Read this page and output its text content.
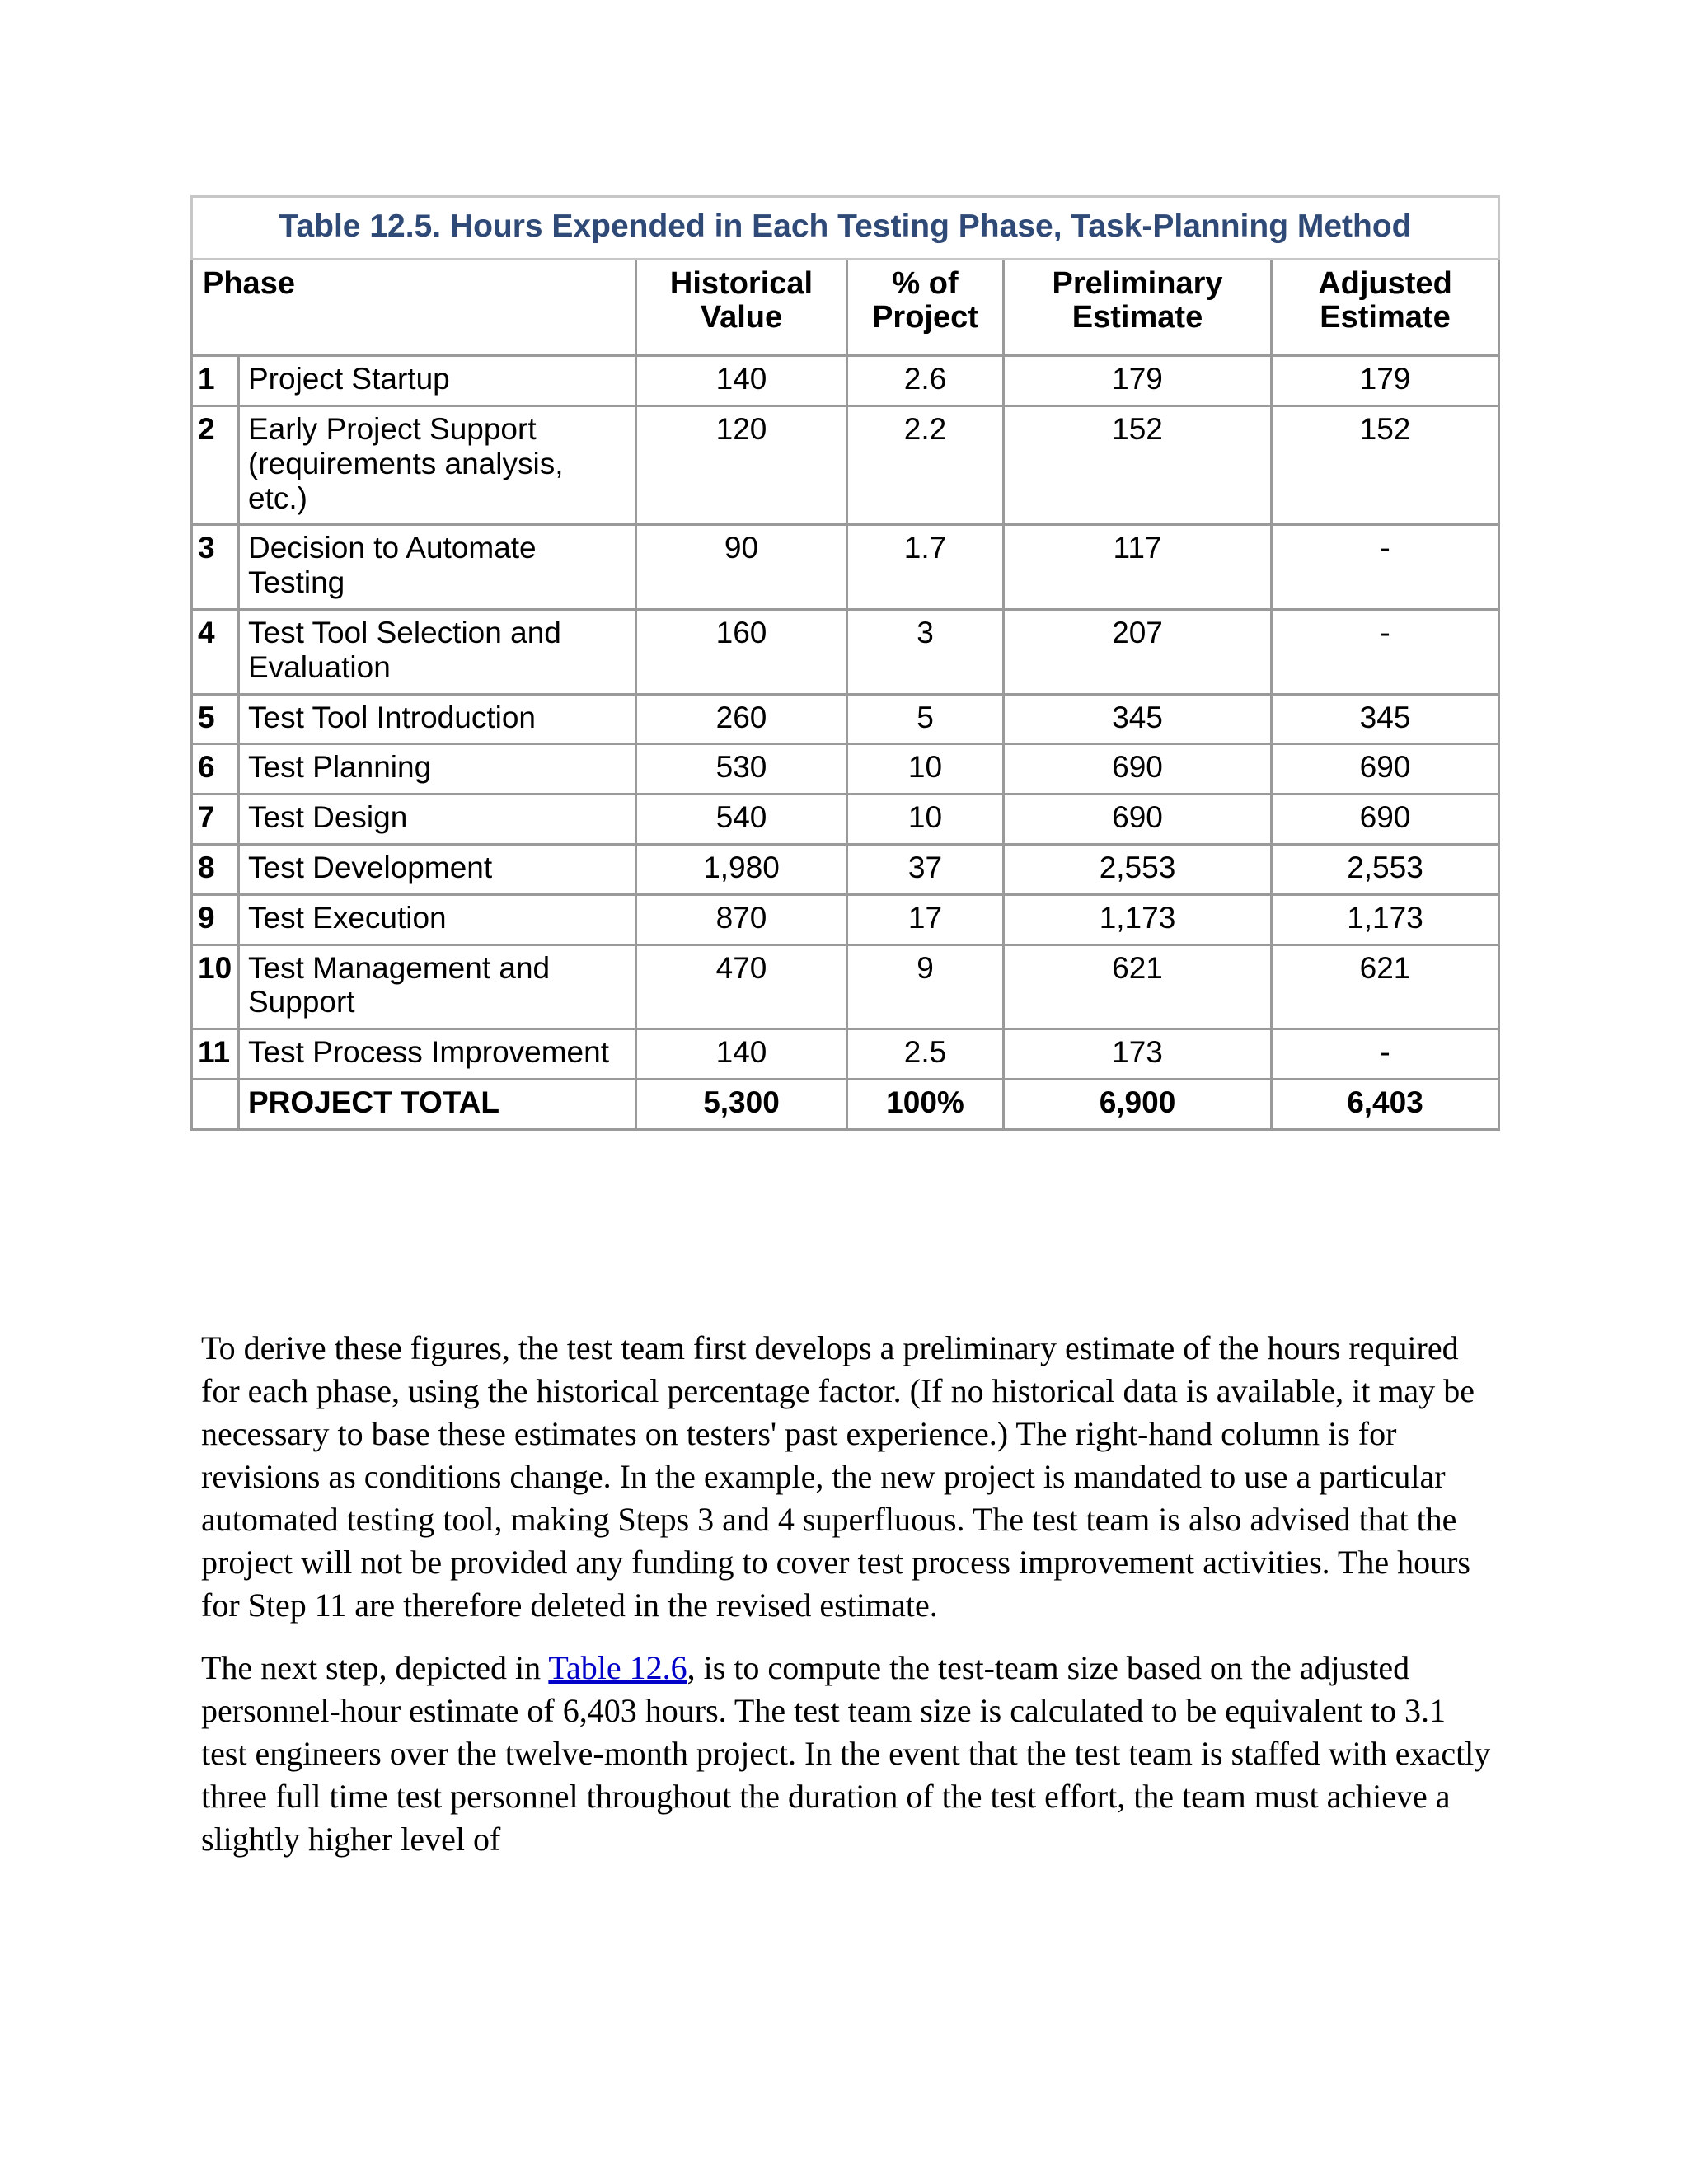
Table 12.5. Hours Expended in Each Testing Phase, Task-Planning Method					
Phase		Historical Value	% of Project	Preliminary Estimate	Adjusted Estimate
1	Project Startup	140	2.6	179	179
2	Early Project Support (requirements analysis, etc.)	120	2.2	152	152
3	Decision to Automate Testing	90	1.7	117	-
4	Test Tool Selection and Evaluation	160	3	207	-
5	Test Tool Introduction	260	5	345	345
6	Test Planning	530	10	690	690
7	Test Design	540	10	690	690
8	Test Development	1,980	37	2,553	2,553
9	Test Execution	870	17	1,173	1,173
10	Test Management and Support	470	9	621	621
11	Test Process Improvement	140	2.5	173	-
	PROJECT TOTAL	5,300	100%	6,900	6,403

To derive these figures, the test team first develops a preliminary estimate of the hours required for each phase, using the historical percentage factor. (If no historical data is available, it may be necessary to base these estimates on testers' past experience.) The right-hand column is for revisions as conditions change. In the example, the new project is mandated to use a particular automated testing tool, making Steps 3 and 4 superfluous. The test team is also advised that the project will not be provided any funding to cover test process improvement activities. The hours for Step 11 are therefore deleted in the revised estimate.

The next step, depicted in Table 12.6, is to compute the test-team size based on the adjusted personnel-hour estimate of 6,403 hours. The test team size is calculated to be equivalent to 3.1 test engineers over the twelve-month project. In the event that the test team is staffed with exactly three full time test personnel throughout the duration of the test effort, the team must achieve a slightly higher level of
